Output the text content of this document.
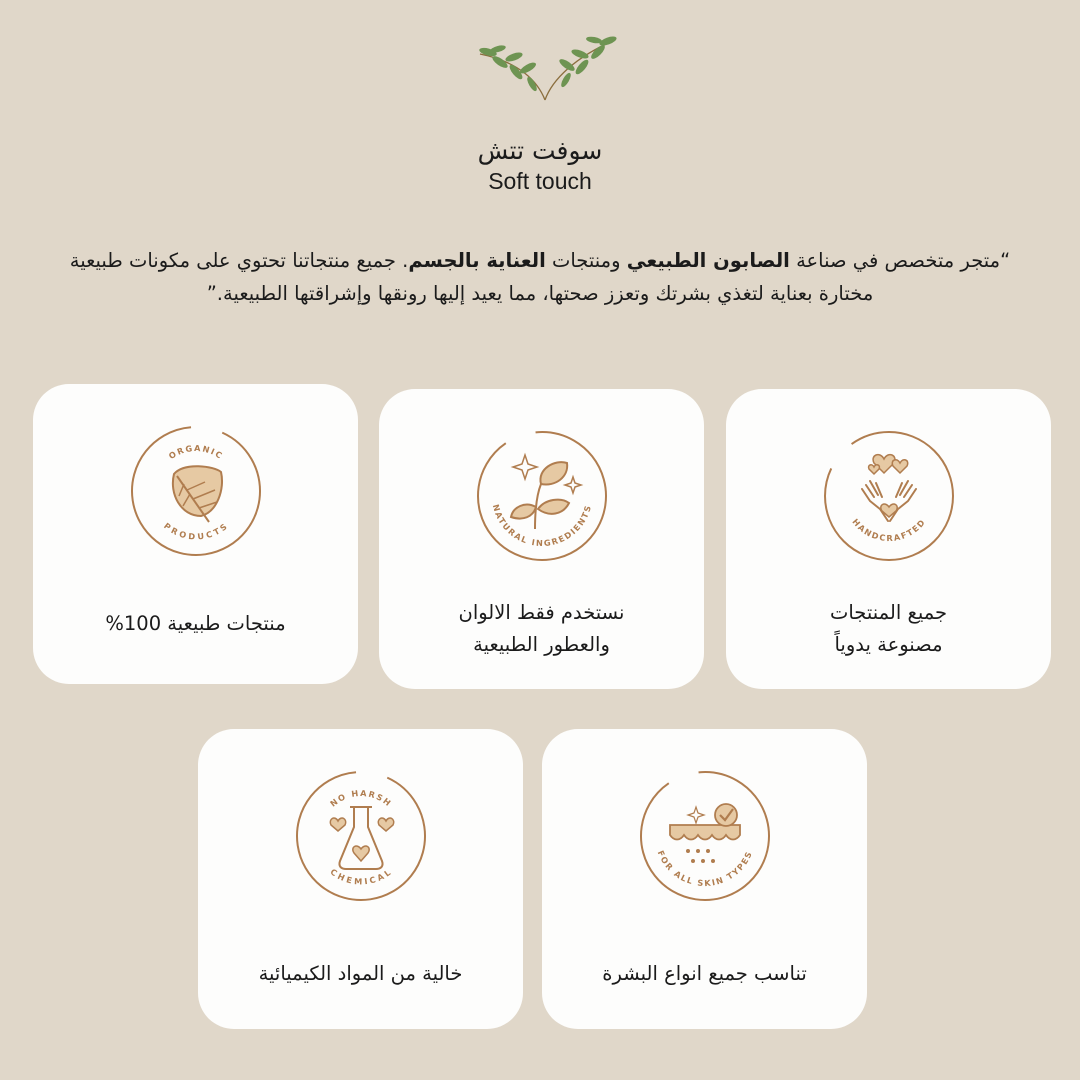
سوفت تتش
Soft touch

“متجر متخصص في صناعة الصابون الطبيعي ومنتجات العناية بالجسم. جميع منتجاتنا تحتوي على مكونات طبيعية مختارة بعناية لتغذي بشرتك وتعزز صحتها، مما يعيد إليها رونقها وإشراقتها الطبيعية.”

ORGANIC
PRODUCTS
منتجات طبيعية 100%
NATURAL INGREDIENTS
نستخدم فقط الالوان
والعطور الطبيعية
HANDCRAFTED
جميع المنتجات
مصنوعة يدوياً
NO HARSH
CHEMICAL
خالية من المواد الكيميائية
FOR ALL SKIN TYPES
تناسب جميع انواع البشرة
